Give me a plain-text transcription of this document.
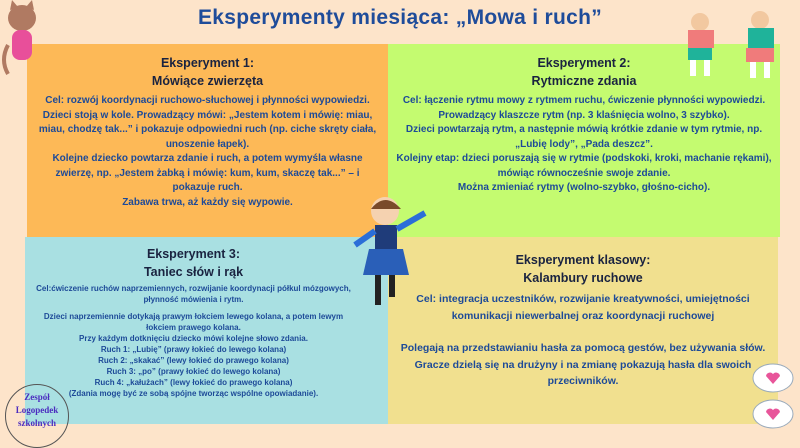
Eksperymenty miesiąca: „Mowa i ruch”
Eksperyment 1:
Mówiące zwierzęta

Cel: rozwój koordynacji ruchowo-słuchowej i płynności wypowiedzi.

Dzieci stoją w kole. Prowadzący mówi: „Jestem kotem i mówię: miau, miau, chodzę tak...” i pokazuje odpowiedni ruch (np. ciche skręty ciała, unoszenie łapek).

Kolejne dziecko powtarza zdanie i ruch, a potem wymyśla własne zwierzę, np. „Jestem żabką i mówię: kum, kum, skaczę tak...” – i pokazuje ruch.

Zabawa trwa, aż każdy się wypowie.

Eksperyment 2:
Rytmiczne zdania

Cel: łączenie rytmu mowy z rytmem ruchu, ćwiczenie płynności wypowiedzi.

Prowadzący klaszcze rytm (np. 3 klaśnięcia wolno, 3 szybko).

Dzieci powtarzają rytm, a następnie mówią krótkie zdanie w tym rytmie, np. „Lubię lody”, „Pada deszcz”.

Kolejny etap: dzieci poruszają się w rytmie (podskoki, kroki, machanie rękami), mówiąc równocześnie swoje zdanie.

Można zmieniać rytmy (wolno-szybko, głośno-cicho).

Eksperyment 3:
Taniec słów i rąk

Cel:ćwiczenie ruchów naprzemiennych, rozwijanie koordynacji półkul mózgowych, płynność mówienia i rytm.

Dzieci naprzemiennie dotykają prawym łokciem lewego kolana, a potem lewym łokciem prawego kolana.

Przy każdym dotknięciu dziecko mówi kolejne słowo zdania.

Ruch 1: „Lubię” (prawy łokieć do lewego kolana)

Ruch 2: „skakać” (lewy łokieć do prawego kolana)

Ruch 3: „po” (prawy łokieć do lewego kolana)

Ruch 4: „kałużach” (lewy łokieć do prawego kolana)

(Zdania mogę być ze sobą spójne tworząc wspólne opowiadanie).

Eksperyment klasowy:
Kalambury ruchowe

Cel: integracja uczestników, rozwijanie kreatywności, umiejętności komunikacji niewerbalnej oraz koordynacji ruchowej

Polegają na przedstawianiu hasła za pomocą gestów, bez używania słów. Gracze dzielą się na drużyny i na zmianę pokazują hasła dla swoich przeciwników.

Zespół
Logopedek
szkolnych
